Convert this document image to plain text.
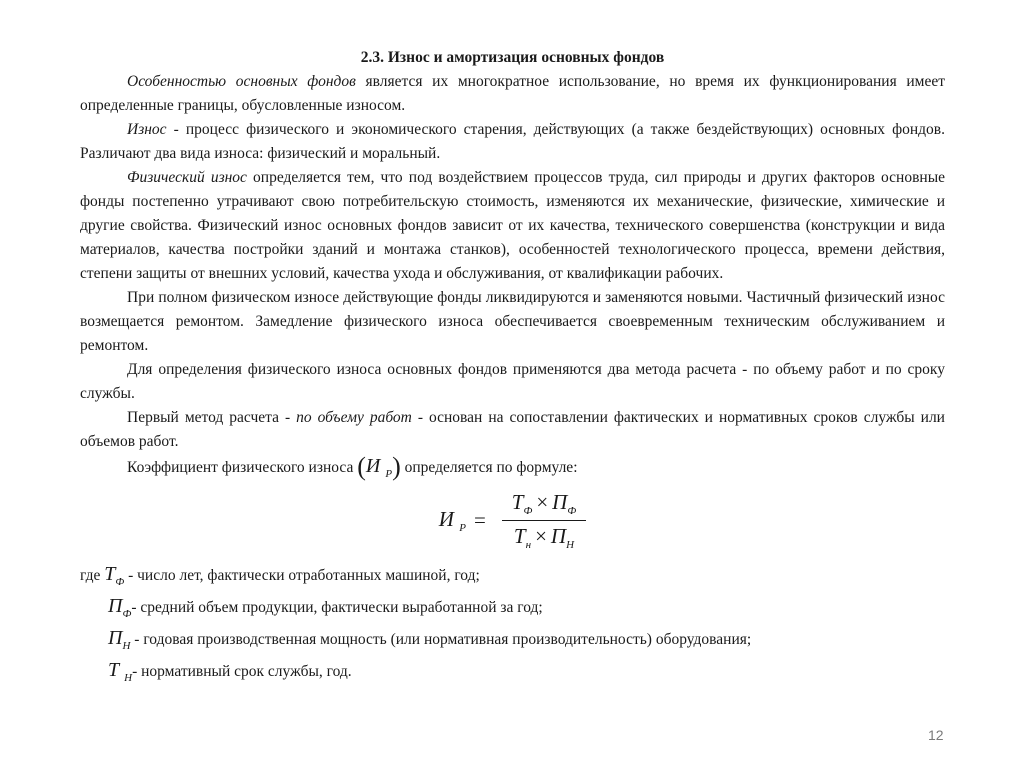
2.3. Износ и амортизация основных фондов

Особенностью основных фондов является их многократное использование, но время их функционирования имеет определенные границы, обусловленные износом.

Износ - процесс физического и экономического старения, действующих (а также бездействующих) основных фондов. Различают два вида износа: физический и моральный.

Физический износ определяется тем, что под воздействием процессов труда, сил природы и других факторов основные фонды постепенно утрачивают свою потребительскую стоимость, изменяются их механические, физические, химические и другие свойства. Физический износ основных фондов зависит от их качества, технического совершенства (конструкции и вида материалов, качества постройки зданий и монтажа станков), особенностей технологического процесса, времени действия, степени защиты от внешних условий, качества ухода и обслуживания, от квалификации рабочих.

При полном физическом износе действующие фонды ликвидируются и заменяются новыми. Частичный физический износ возмещается ремонтом. Замедление физического износа обеспечивается своевременным техническим обслуживанием и ремонтом.

Для определения физического износа основных фондов применяются два метода расчета - по объему работ и по сроку службы.

Первый метод расчета - по объему работ - основан на сопоставлении фактических и нормативных сроков службы или объемов работ.

Коэффициент физического износа (И $_Р$) определяется по формуле:
И $_Р = \frac{Т_Ф \times П_Ф}{Т_н \times П_Н}$
где $Т_Ф$ - число лет, фактически отработанных машиной, год;
$П_Ф-$ средний объем продукции, фактически выработанной за год;
$П_Н$ - годовая производственная мощность (или нормативная производительность) оборудования;
Т $_Н$- нормативный срок службы, год.
12
